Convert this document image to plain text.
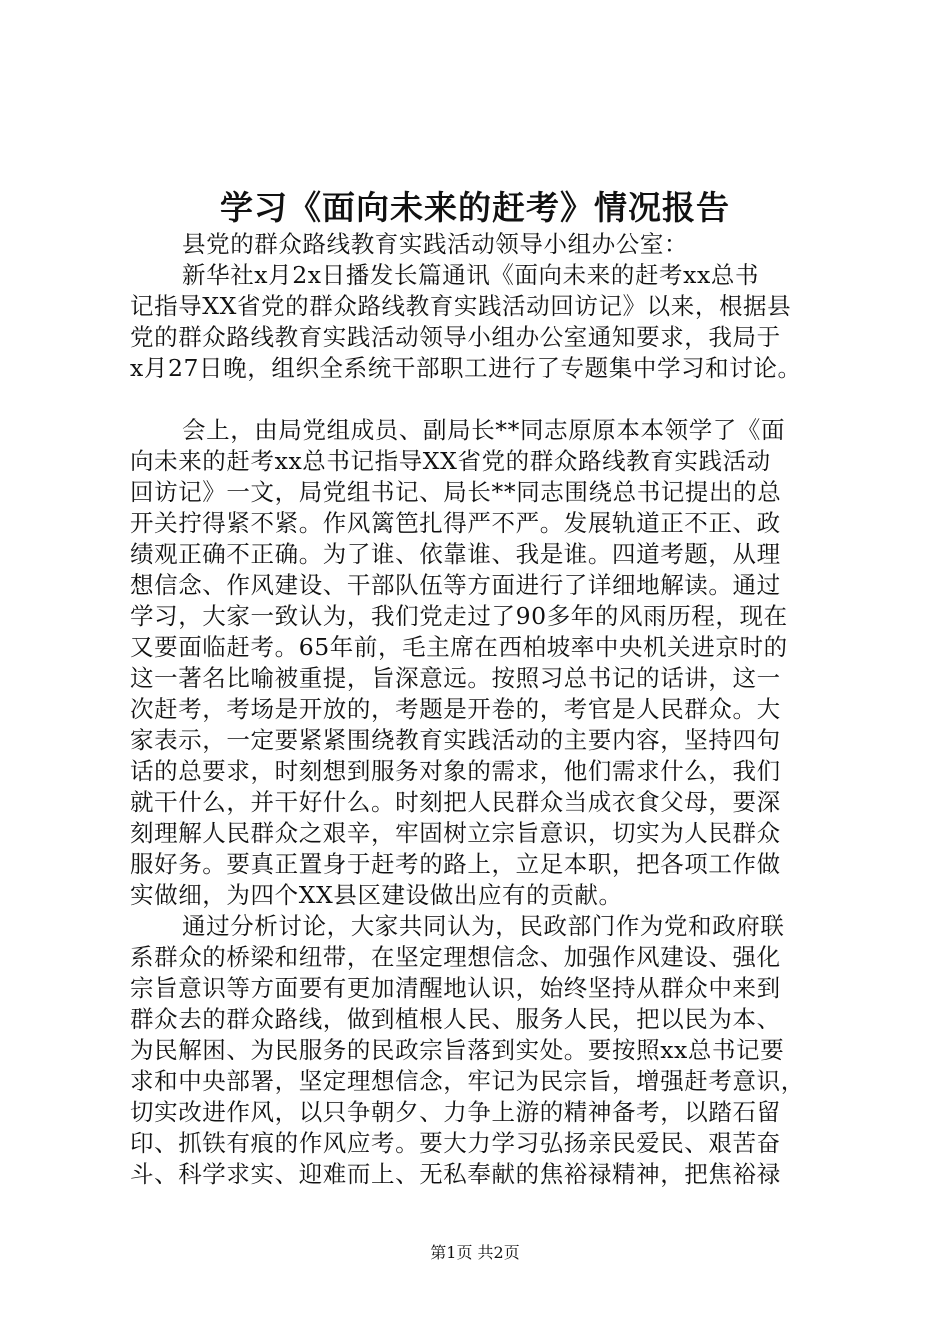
学习《面向未来的赶考》情况报告
县党的群众路线教育实践活动领导小组办公室：
新华社x月2x日播发长篇通讯《面向未来的赶考xx总书
记指导XX省党的群众路线教育实践活动回访记》以来，根据县
党的群众路线教育实践活动领导小组办公室通知要求，我局于
x月27日晚，组织全系统干部职工进行了专题集中学习和讨论。
会上，由局党组成员、副局长**同志原原本本领学了《面
向未来的赶考xx总书记指导XX省党的群众路线教育实践活动
回访记》一文，局党组书记、局长**同志围绕总书记提出的总
开关拧得紧不紧。作风篱笆扎得严不严。发展轨道正不正、政
绩观正确不正确。为了谁、依靠谁、我是谁。四道考题，从理
想信念、作风建设、干部队伍等方面进行了详细地解读。通过
学习，大家一致认为，我们党走过了90多年的风雨历程，现在
又要面临赶考。65年前，毛主席在西柏坡率中央机关进京时的
这一著名比喻被重提，旨深意远。按照习总书记的话讲，这一
次赶考，考场是开放的，考题是开卷的，考官是人民群众。大
家表示，一定要紧紧围绕教育实践活动的主要内容，坚持四句
话的总要求，时刻想到服务对象的需求，他们需求什么，我们
就干什么，并干好什么。时刻把人民群众当成衣食父母，要深
刻理解人民群众之艰辛，牢固树立宗旨意识，切实为人民群众
服好务。要真正置身于赶考的路上，立足本职，把各项工作做
实做细，为四个XX县区建设做出应有的贡献。
通过分析讨论，大家共同认为，民政部门作为党和政府联
系群众的桥梁和纽带，在坚定理想信念、加强作风建设、强化
宗旨意识等方面要有更加清醒地认识，始终坚持从群众中来到
群众去的群众路线，做到植根人民、服务人民，把以民为本、
为民解困、为民服务的民政宗旨落到实处。要按照xx总书记要
求和中央部署，坚定理想信念，牢记为民宗旨，增强赶考意识，
切实改进作风，以只争朝夕、力争上游的精神备考，以踏石留
印、抓铁有痕的作风应考。要大力学习弘扬亲民爱民、艰苦奋
斗、科学求实、迎难而上、无私奉献的焦裕禄精神，把焦裕禄
第1页 共2页
